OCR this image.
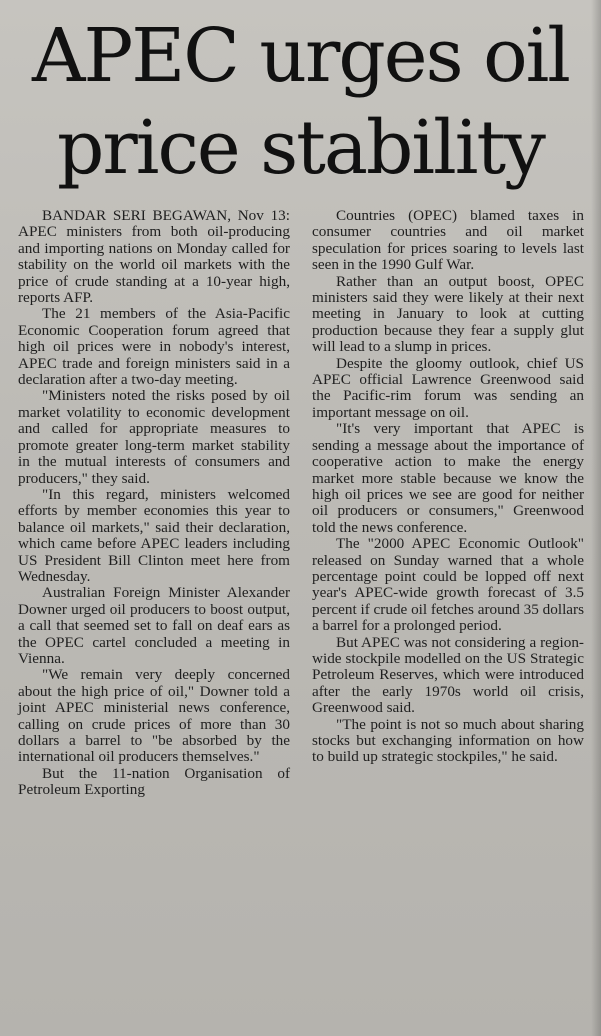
APEC urges oil
price stability

BANDAR SERI BEGAWAN, Nov 13: APEC ministers from both oil-producing and importing nations on Monday called for stability on the world oil markets with the price of crude standing at a 10-year high, reports AFP.

The 21 members of the Asia-Pacific Economic Cooperation forum agreed that high oil prices were in nobody's interest, APEC trade and foreign ministers said in a declaration after a two-day meeting.

"Ministers noted the risks posed by oil market volatility to economic development and called for appropriate measures to promote greater long-term market stability in the mutual interests of consumers and producers," they said.

"In this regard, ministers welcomed efforts by member economies this year to balance oil markets," said their declaration, which came before APEC leaders including US President Bill Clinton meet here from Wednesday.

Australian Foreign Minister Alexander Downer urged oil producers to boost output, a call that seemed set to fall on deaf ears as the OPEC cartel concluded a meeting in Vienna.

"We remain very deeply concerned about the high price of oil," Downer told a joint APEC ministerial news conference, calling on crude prices of more than 30 dollars a barrel to "be absorbed by the international oil producers themselves."

But the 11-nation Organisation of Petroleum Exporting

Countries (OPEC) blamed taxes in consumer countries and oil market speculation for prices soaring to levels last seen in the 1990 Gulf War.

Rather than an output boost, OPEC ministers said they were likely at their next meeting in January to look at cutting production because they fear a supply glut will lead to a slump in prices.

Despite the gloomy outlook, chief US APEC official Lawrence Greenwood said the Pacific-rim forum was sending an important message on oil.

"It's very important that APEC is sending a message about the importance of cooperative action to make the energy market more stable because we know the high oil prices we see are good for neither oil producers or consumers," Greenwood told the news conference.

The "2000 APEC Economic Outlook" released on Sunday warned that a whole percentage point could be lopped off next year's APEC-wide growth forecast of 3.5 percent if crude oil fetches around 35 dollars a barrel for a prolonged period.

But APEC was not considering a region-wide stockpile modelled on the US Strategic Petroleum Reserves, which were introduced after the early 1970s world oil crisis, Greenwood said.

"The point is not so much about sharing stocks but exchanging information on how to build up strategic stockpiles," he said.
